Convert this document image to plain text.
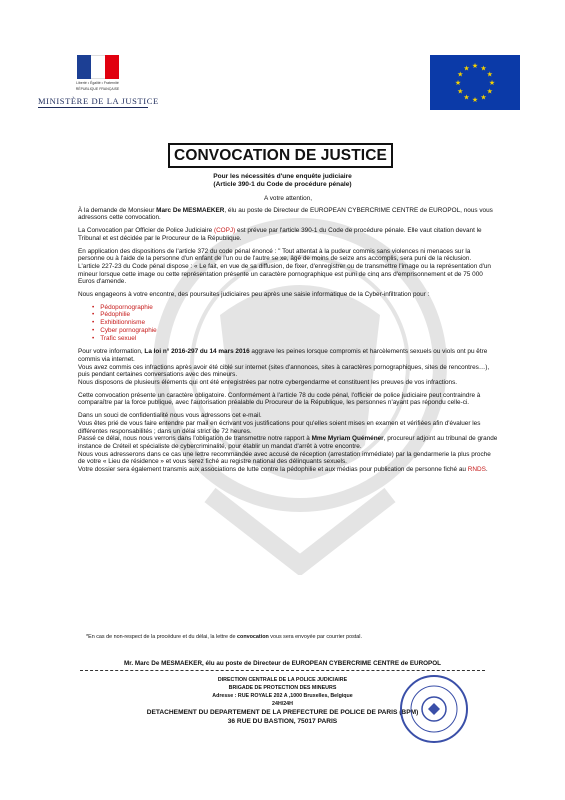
Liberté • Égalité • Fraternité
RÉPUBLIQUE FRANÇAISE
MINISTÈRE DE LA JUSTICE
★
★
★
★
★
★
★
★
★ ★ ★
★
CONVOCATION DE JUSTICE
Pour les nécessités d'une enquête judiciaire
(Article 390-1 du Code de procédure pénale)

A votre attention,

À la demande de Monsieur Marc De MESMAEKER, élu au poste de Directeur de EUROPEAN CYBERCRIME CENTRE de EUROPOL, nous vous adressons cette convocation.

La Convocation par Officier de Police Judiciaire (COPJ) est prévue par l'article 390-1 du Code de procédure pénale. Elle vaut citation devant le Tribunal et est décidée par le Procureur de la République.

En application des dispositions de l'article 372 du code pénal énoncé : " Tout attentat à la pudeur commis sans violences ni menaces sur la personne ou à l'aide de la personne d'un enfant de l'un ou de l'autre se xe, âgé de moins de seize ans accomplis, sera puni de la réclusion.
L'article 227-23 du Code pénal dispose : « Le fait, en vue de sa diffusion, de fixer, d'enregistrer ou de transmettre l'image ou la représentation d'un mineur lorsque cette image ou cette représentation présente un caractère pornographique est puni de cinq ans d'emprisonnement et de 75 000 Euros d'amende.

Nous engageons à votre encontre, des poursuites judiciaires peu après une saisie informatique de la Cyber-infiltration pour :

• Pédopornographie
• Pédophilie
• Exhibitionnisme
• Cyber pornographie
• Trafic sexuel

Pour votre information, La loi n° 2016-297 du 14 mars 2016 aggrave les peines lorsque compromis et harcèlements sexuels ou viols ont pu être commis via internet.
Vous avez commis ces infractions après avoir été ciblé sur internet (sites d'annonces, sites à caractères pornographiques, sites de rencontres…), puis pendant certaines conversations avec des mineurs.
Nous disposons de plusieurs éléments qui ont été enregistrées par notre cybergendarme et constituent les preuves de vos infractions.

Cette convocation présente un caractère obligatoire. Conformément à l'article 78 du code pénal, l'officier de police judiciaire peut contraindre à comparaître par la force publique, avec l'autorisation préalable du Procureur de la République, les personnes n'ayant pas répondu celle-ci.

Dans un souci de confidentialité nous vous adressons cet e-mail.
Vous êtes prié de vous faire entendre par mail en écrivant vos justifications pour qu'elles soient mises en examen et vérifiées afin d'évaluer les différentes responsabilités ; dans un délai strict de 72 heures.
Passé ce délai, nous nous verrons dans l'obligation de transmettre notre rapport à Mme Myriam Quéméner, procureur adjoint au tribunal de grande instance de Créteil et spécialiste de cybercriminalité, pour établir un mandat d'arrêt à votre encontre.
Nous vous adresserons dans ce cas une lettre recommandée avec accusé de réception (arrestation immédiate) par la gendarmerie la plus proche de votre « Lieu de résidence » et vous serez fiché au registre national des délinquants sexuels.
Votre dossier sera également transmis aux associations de lutte contre la pédophilie et aux médias pour publication de personne fiché au RNDS.

*En cas de non-respect de la procédure et du délai, la lettre de convocation vous sera envoyée par courrier postal.
Mr. Marc De MESMAEKER, élu au poste de Directeur de EUROPEAN CYBERCRIME CENTRE de EUROPOL
DIRECTION CENTRALE DE LA POLICE JUDICIAIRE
BRIGADE DE PROTECTION DES MINEURS
Adresse : RUE ROYALE 202 A ,1000 Bruxelles, Belgique
24H/24H
DETACHEMENT DU DEPARTEMENT DE LA PREFECTURE DE POLICE DE PARIS (BPM)
36 RUE DU BASTION, 75017 PARIS
